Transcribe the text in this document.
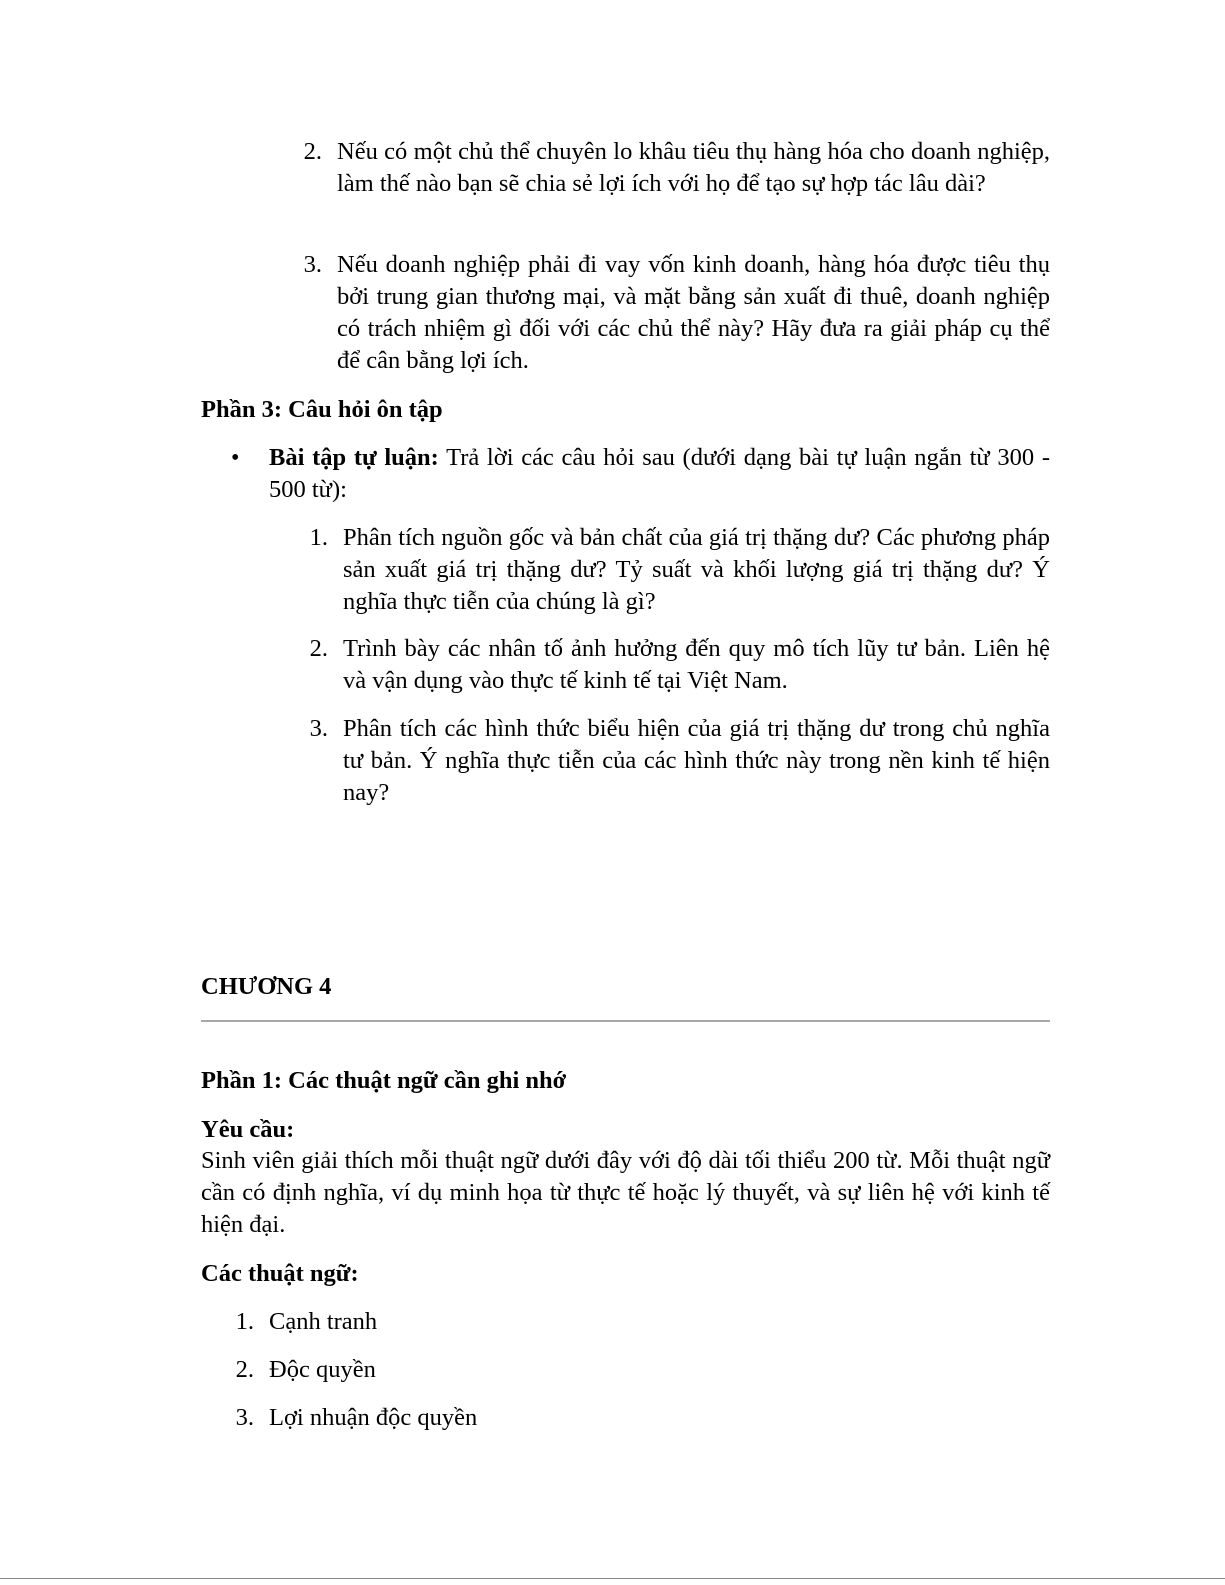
2. Nếu có một chủ thể chuyên lo khâu tiêu thụ hàng hóa cho doanh nghiệp, làm thế nào bạn sẽ chia sẻ lợi ích với họ để tạo sự hợp tác lâu dài?
3. Nếu doanh nghiệp phải đi vay vốn kinh doanh, hàng hóa được tiêu thụ bởi trung gian thương mại, và mặt bằng sản xuất đi thuê, doanh nghiệp có trách nhiệm gì đối với các chủ thể này? Hãy đưa ra giải pháp cụ thể để cân bằng lợi ích.
Phần 3: Câu hỏi ôn tập
•	Bài tập tự luận: Trả lời các câu hỏi sau (dưới dạng bài tự luận ngắn từ 300 - 500 từ):
1. Phân tích nguồn gốc và bản chất của giá trị thặng dư? Các phương pháp sản xuất giá trị thặng dư? Tỷ suất và khối lượng giá trị thặng dư? Ý nghĩa thực tiễn của chúng là gì?
2. Trình bày các nhân tố ảnh hưởng đến quy mô tích lũy tư bản. Liên hệ và vận dụng vào thực tế kinh tế tại Việt Nam.
3. Phân tích các hình thức biểu hiện của giá trị thặng dư trong chủ nghĩa tư bản. Ý nghĩa thực tiễn của các hình thức này trong nền kinh tế hiện nay?
CHƯƠNG 4
Phần 1: Các thuật ngữ cần ghi nhớ
Yêu cầu:
Sinh viên giải thích mỗi thuật ngữ dưới đây với độ dài tối thiểu 200 từ. Mỗi thuật ngữ cần có định nghĩa, ví dụ minh họa từ thực tế hoặc lý thuyết, và sự liên hệ với kinh tế hiện đại.
Các thuật ngữ:
1. Cạnh tranh
2. Độc quyền
3. Lợi nhuận độc quyền
